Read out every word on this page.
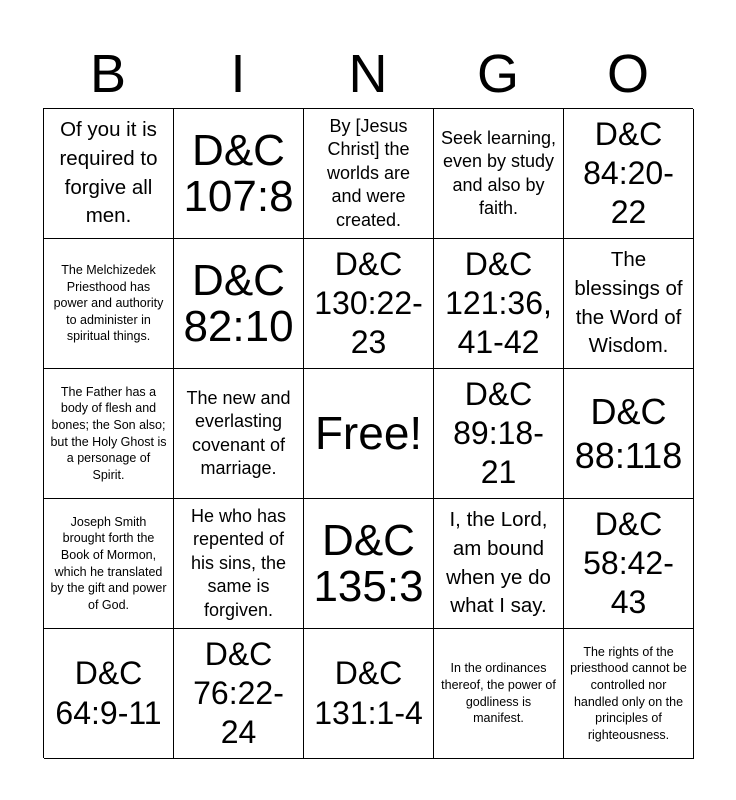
B	I	N	G	O
Of you it is required to forgive all men.
D&C 107:8
By [Jesus Christ] the worlds are and were created.
Seek learning, even by study and also by faith.
D&C 84:20-22
The Melchizedek Priesthood has power and authority to administer in spiritual things.
D&C 82:10
D&C 130:22-23
D&C 121:36, 41-42
The blessings of the Word of Wisdom.
The Father has a body of flesh and bones; the Son also; but the Holy Ghost is a personage of Spirit.
The new and everlasting covenant of marriage.
Free!
D&C 89:18-21
D&C 88:118
Joseph Smith brought forth the Book of Mormon, which he translated by the gift and power of God.
He who has repented of his sins, the same is forgiven.
D&C 135:3
I, the Lord, am bound when ye do what I say.
D&C 58:42-43
D&C 64:9-11
D&C 76:22-24
D&C 131:1-4
In the ordinances thereof, the power of godliness is manifest.
The rights of the priesthood cannot be controlled nor handled only on the principles of righteousness.
